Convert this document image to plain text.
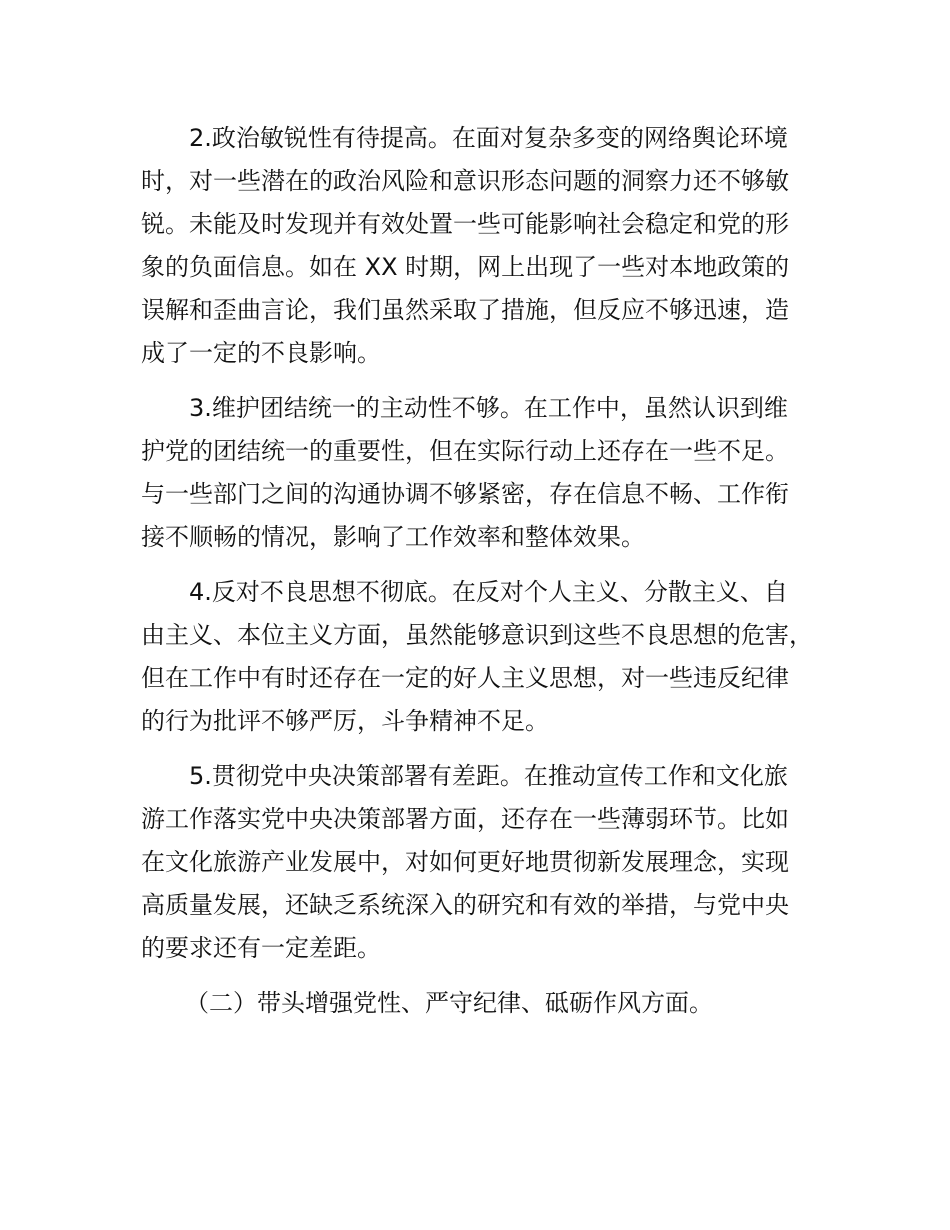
2.政治敏锐性有待提高。在面对复杂多变的网络舆论环境
时，对一些潜在的政治风险和意识形态问题的洞察力还不够敏
锐。未能及时发现并有效处置一些可能影响社会稳定和党的形
象的负面信息。如在 XX 时期，网上出现了一些对本地政策的
误解和歪曲言论，我们虽然采取了措施，但反应不够迅速，造
成了一定的不良影响。

3.维护团结统一的主动性不够。在工作中，虽然认识到维
护党的团结统一的重要性，但在实际行动上还存在一些不足。
与一些部门之间的沟通协调不够紧密，存在信息不畅、工作衔
接不顺畅的情况，影响了工作效率和整体效果。

4.反对不良思想不彻底。在反对个人主义、分散主义、自
由主义、本位主义方面，虽然能够意识到这些不良思想的危害，
但在工作中有时还存在一定的好人主义思想，对一些违反纪律
的行为批评不够严厉，斗争精神不足。

5.贯彻党中央决策部署有差距。在推动宣传工作和文化旅
游工作落实党中央决策部署方面，还存在一些薄弱环节。比如
在文化旅游产业发展中，对如何更好地贯彻新发展理念，实现
高质量发展，还缺乏系统深入的研究和有效的举措，与党中央
的要求还有一定差距。

（二）带头增强党性、严守纪律、砥砺作风方面。
